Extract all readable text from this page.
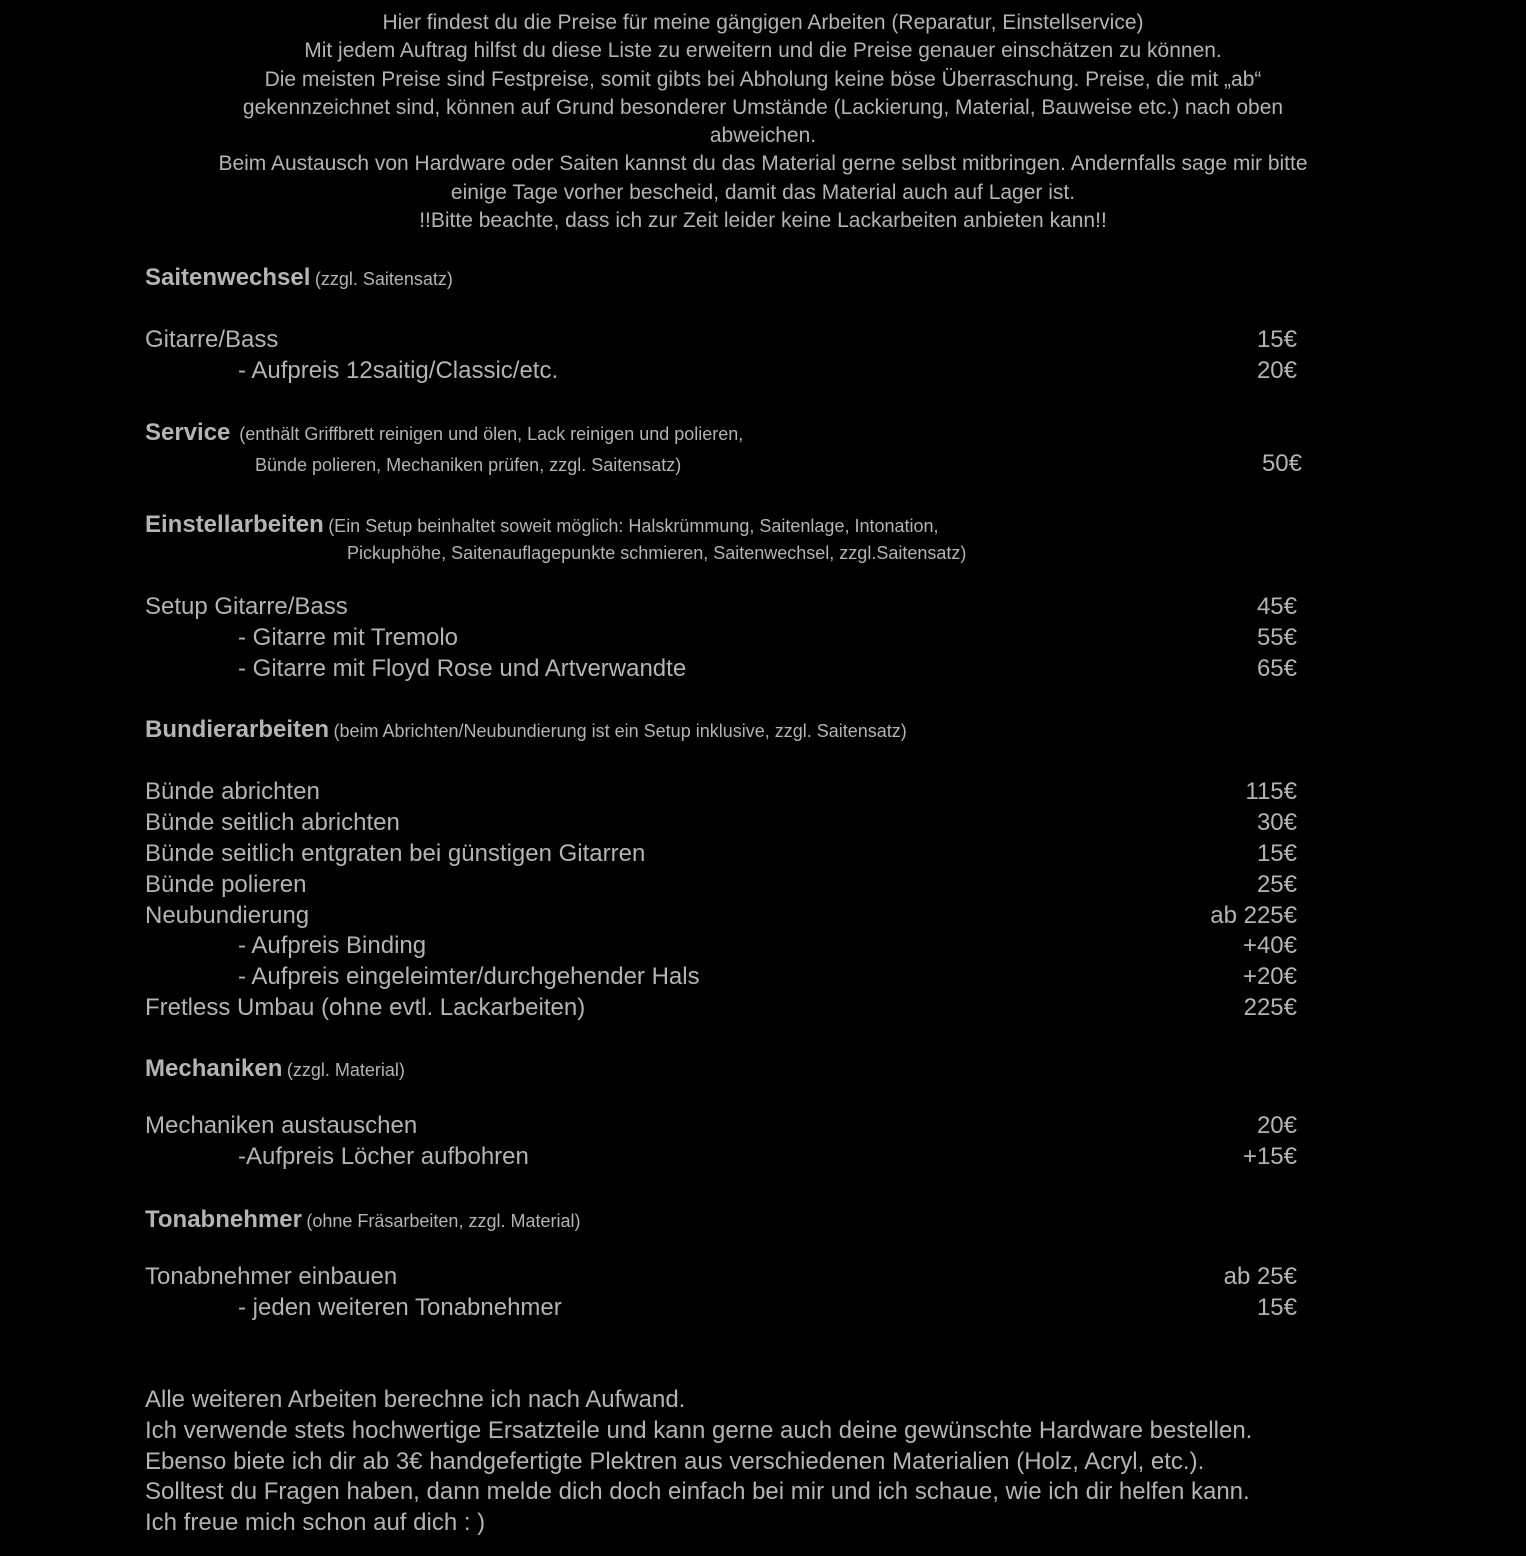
Hier findest du die Preise für meine gängigen Arbeiten (Reparatur, Einstellservice)
Mit jedem Auftrag hilfst du diese Liste zu erweitern und die Preise genauer einschätzen zu können.
Die meisten Preise sind Festpreise, somit gibts bei Abholung keine böse Überraschung. Preise, die mit „ab“
gekennzeichnet sind, können auf Grund besonderer Umstände (Lackierung, Material, Bauweise etc.) nach oben
abweichen.
Beim Austausch von Hardware oder Saiten kannst du das Material gerne selbst mitbringen. Andernfalls sage mir bitte
einige Tage vorher bescheid, damit das Material auch auf Lager ist.
!!Bitte beachte, dass ich zur Zeit leider keine Lackarbeiten anbieten kann!!
Saitenwechsel (zzgl. Saitensatz)
Gitarre/Bass	15€
- Aufpreis 12saitig/Classic/etc.	20€
Service (enthält Griffbrett reinigen und ölen, Lack reinigen und polieren,
Bünde polieren, Mechaniken prüfen, zzgl. Saitensatz)	50€
Einstellarbeiten (Ein Setup beinhaltet soweit möglich: Halskrümmung, Saitenlage, Intonation,
Pickuphöhe, Saitenauflagepunkte schmieren, Saitenwechsel, zzgl.Saitensatz)
Setup Gitarre/Bass	45€
- Gitarre mit Tremolo	55€
- Gitarre mit Floyd Rose und Artverwandte	65€
Bundierarbeiten (beim Abrichten/Neubundierung ist ein Setup inklusive, zzgl. Saitensatz)
Bünde abrichten	115€
Bünde seitlich abrichten	30€
Bünde seitlich entgraten bei günstigen Gitarren	15€
Bünde polieren	25€
Neubundierung	ab 225€
- Aufpreis Binding	+40€
- Aufpreis eingeleimter/durchgehender Hals	+20€
Fretless Umbau (ohne evtl. Lackarbeiten)	225€
Mechaniken (zzgl. Material)
Mechaniken austauschen	20€
-Aufpreis Löcher aufbohren	+15€
Tonabnehmer (ohne Fräsarbeiten, zzgl. Material)
Tonabnehmer einbauen	ab 25€
- jeden weiteren Tonabnehmer	15€
Alle weiteren Arbeiten berechne ich nach Aufwand.
Ich verwende stets hochwertige Ersatzteile und kann gerne auch deine gewünschte Hardware bestellen.
Ebenso biete ich dir ab 3€ handgefertigte Plektren aus verschiedenen Materialien (Holz, Acryl, etc.).
Solltest du Fragen haben, dann melde dich doch einfach bei mir und ich schaue, wie ich dir helfen kann.
Ich freue mich schon auf dich : )
